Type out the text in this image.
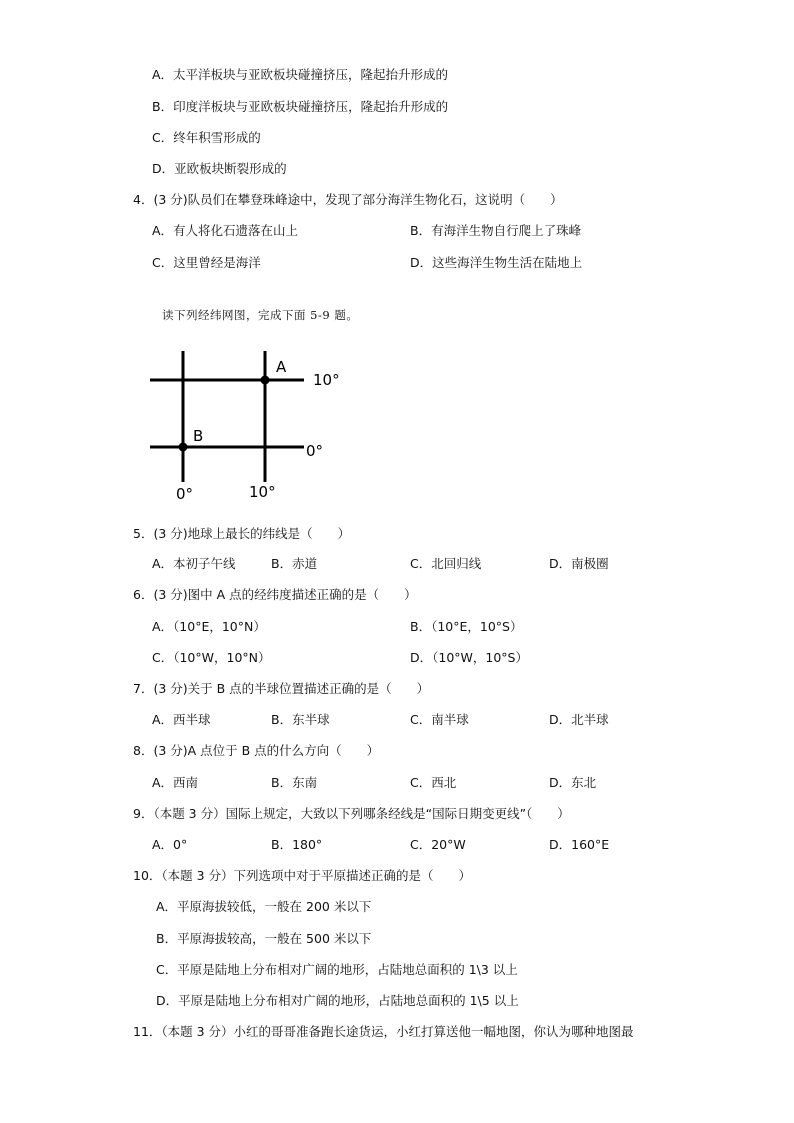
A．太平洋板块与亚欧板块碰撞挤压，隆起抬升形成的
B．印度洋板块与亚欧板块碰撞挤压，隆起抬升形成的
C．终年积雪形成的
D．亚欧板块断裂形成的
4．(3 分)队员们在攀登珠峰途中，发现了部分海洋生物化石，这说明（　　）
A．有人将化石遗落在山上	B．有海洋生物自行爬上了珠峰
C．这里曾经是海洋	D．这些海洋生物生活在陆地上
读下列经纬网图，完成下面 5-9 题。
A
B
10°
0°
0°	10°
5．(3 分)地球上最长的纬线是（　　）
A．本初子午线	B．赤道	C．北回归线	D．南极圈
6．(3 分)图中 A 点的经纬度描述正确的是（　　）
A．（10°E，10°N）	B．（10°E，10°S）
C．（10°W，10°N）	D．（10°W，10°S）
7．(3 分)关于 B 点的半球位置描述正确的是（　　）
A．西半球	B．东半球	C．南半球	D．北半球
8．(3 分)A 点位于 B 点的什么方向（　　）
A．西南	B．东南	C．西北	D．东北
9．（本题 3 分）国际上规定，大致以下列哪条经线是“国际日期变更线”（　　）
A．0°	B．180°	C．20°W	D．160°E
10．（本题 3 分）下列选项中对于平原描述正确的是（　　）
A．平原海拔较低，一般在 200 米以下
B．平原海拔较高，一般在 500 米以下
C．平原是陆地上分布相对广阔的地形，占陆地总面积的 1\3 以上
D．平原是陆地上分布相对广阔的地形，占陆地总面积的 1\5 以上
11．（本题 3 分）小红的哥哥准备跑长途货运，小红打算送他一幅地图，你认为哪种地图最
